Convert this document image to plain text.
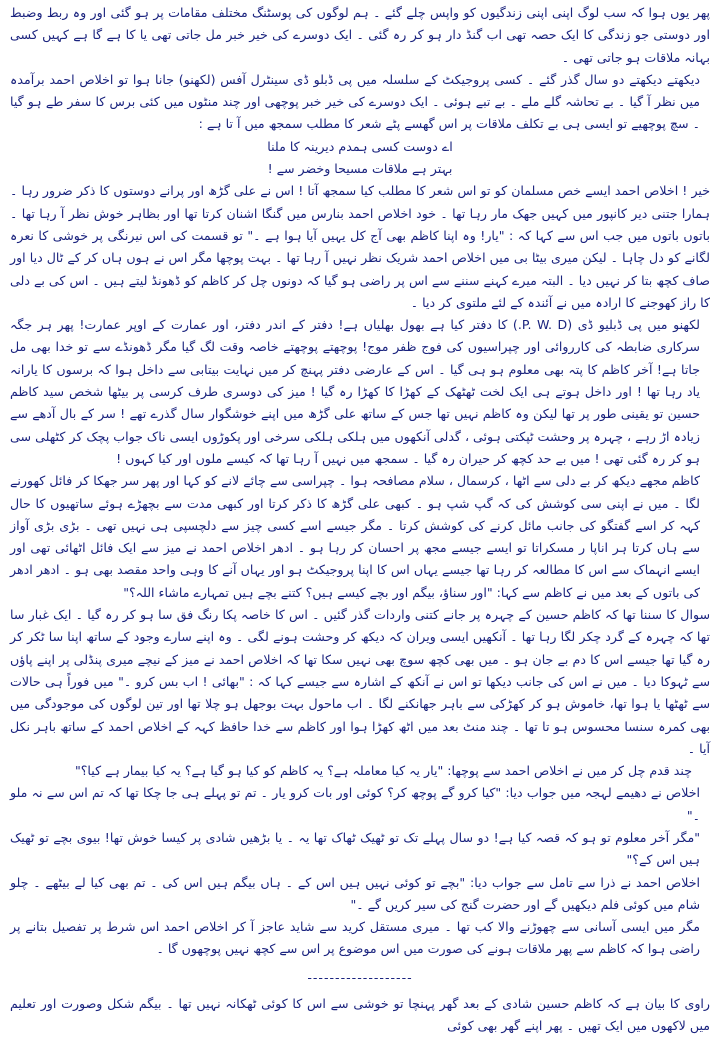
پھر یوں ہوا کہ سب لوگ اپنی اپنی زندگیوں کو واپس چلے گئے ۔ ہم لوگوں کی پوسٹنگ مختلف مقامات پر ہو گئی اور وہ ربط وضبط اور دوستی جو زندگی کا ایک حصہ تھی اب گنڈ دار ہو کر رہ گئی ۔ ایک دوسرے کی خیر خبر مل جاتی تھی یا کا ہے گا ہے کہیں کسی بہانہ ملاقات ہو جاتی تھی ۔

دیکھتے دیکھتے دو سال گذر گئے ۔ کسی پروجیکٹ کے سلسلہ میں پی ڈبلو ڈی سینٹرل آفس (لکھنو) جانا ہوا تو اخلاص احمد برآمدہ میں نظر آ گیا ۔ بے تحاشہ گلے ملے ۔ بے تبے ہوئی ۔ ایک دوسرے کی خیر خبر پوچھی اور چند منٹوں میں کئی برس کا سفر طے ہو گیا ۔ سچ پوچھیے تو ایسی ہی بے تکلف ملاقات پر اس گھسے پٹے شعر کا مطلب سمجھ میں آ تا ہے :

اے دوست کسی ہمدم دیرینہ کا ملنا

بہتر ہے ملاقات مسیحا وخضر سے !

خیر ! اخلاص احمد ایسے خص مسلمان کو تو اس شعر کا مطلب کیا سمجھ آتا ! اس نے علی گڑھ اور پرانے دوستوں کا ذکر ضرور رہا ۔ ہمارا جتنی دیر کانپور میں کہیں جھک مار رہا تھا ۔ خود اخلاص احمد بنارس میں گنگا اشنان کرتا تھا اور بظاہر خوش نظر آ رہا تھا ۔ باتوں باتوں میں جب اس سے کہا کہ : "یار! وہ اپنا کاظم بھی آج کل یہیں آیا ہوا ہے ۔" تو قسمت کی اس نیرنگی پر خوشی کا نعرہ لگانے کو دل چاہا ۔ لیکن میری بیٹا بی میں اخلاص احمد شریک نظر نہیں آ رہا تھا ۔ بہت پوچھا مگر اس نے ہوں ہاں کر کے ٹال دیا اور صاف کچھ بتا کر نہیں دیا ۔ البتہ میرے کہنے سننے سے اس پر راضی ہو گیا کہ دونوں چل کر کاظم کو ڈھونڈ لیتے ہیں ۔ اس کی بے دلی کا راز کھوجنے کا ارادہ میں نے آئندہ کے لئے ملتوی کر دیا ۔

لکھنو میں پی ڈبلیو ڈی (P. W. D.) کا دفتر کیا ہے بھول بھلیاں ہے! دفتر کے اندر دفتر، اور عمارت کے اوپر عمارت! پھر ہر جگہ سرکاری ضابطہ کی کارروائی اور چپراسیوں کی فوج ظفر موج! پوچھتے پوچھتے خاصہ وقت لگ گیا مگر ڈھونڈے سے تو خدا بھی مل جاتا ہے! آخر کاظم کا پتہ بھی معلوم ہو ہی گیا ۔ اس کے عارضی دفتر پہنچ کر میں نہایت بیتابی سے داخل ہوا کہ برسوں کا یارانہ یاد رہا تھا ! اور داخل ہوتے ہی ایک لخت ٹھٹھک کے کھڑا کا کھڑا رہ گیا ! میز کی دوسری طرف کرسی پر بیٹھا شخص سید کاظم حسین تو یقینی طور پر تھا لیکن وہ کاظم نہیں تھا جس کے ساتھ علی گڑھ میں اپنے خوشگوار سال گذرے تھے ! سر کے بال آدھے سے زیادہ اڑ رہے ، چہرہ پر وحشت ٹپکتی ہوئی ، گدلی آنکھوں میں ہلکی ہلکی سرخی اور پکوڑوں ایسی ناک جواب پچک کر کٹھلی سی ہو کر رہ گئی تھی ! میں بے حد کچھ کر حیران رہ گیا ۔ سمجھ میں نہیں آ رہا تھا کہ کیسے ملوں اور کیا کہوں !

کاظم مجھے دیکھ کر بے دلی سے اٹھا ، کرسمال ، سلام مصافحہ ہوا ۔ چپراسی سے چائے لانے کو کہا اور پھر سر جھکا کر فائل کھورنے لگا ۔ میں نے اپنی سی کوشش کی کہ گپ شپ ہو ۔ کبھی علی گڑھ کا ذکر کرتا اور کبھی مدت سے بچھڑے ہوئے ساتھیوں کا حال کہہ کر اسے گفتگو کی جانب مائل کرنے کی کوشش کرتا ۔ مگر جیسے اسے کسی چیز سے دلچسپی ہی نہیں تھی ۔ بڑی بڑی آواز سے ہاں کرتا ہر اناپا ر مسکراتا تو ایسے جیسے مجھ پر احسان کر رہا ہو ۔ ادھر اخلاص احمد نے میز سے ایک فائل اٹھائی تھی اور ایسے انہماک سے اس کا مطالعہ کر رہا تھا جیسے یہاں اس کا اپنا پروجیکٹ ہو اور یہاں آنے کا وہی واحد مقصد بھی ہو ۔ ادھر ادھر کی باتوں کے بعد میں نے کاظم سے کہا: "اور سناؤ، بیگم اور بچے کیسے ہیں؟ کتنے بچے ہیں تمہارے ماشاء اللہ؟"

سوال کا سننا تھا کہ کاظم حسین کے چہرہ پر جانے کتنی واردات گذر گئیں ۔ اس کا خاصہ پکا رنگ فق سا ہو کر رہ گیا ۔ ایک غبار سا تھا کہ چہرہ کے گرد چکر لگا رہا تھا ۔ آنکھیں ایسی ویران کہ دیکھ کر وحشت ہونے لگی ۔ وہ اپنے سارے وجود کے ساتھ اپنا سا ٹکر کر رہ گیا تھا جیسے اس کا دم بے جان ہو ۔ میں بھی کچھ سوچ بھی نہیں سکا تھا کہ اخلاص احمد نے میز کے نیچے میری پنڈلی پر اپنے پاؤں سے ٹہوکا دیا ۔ میں نے اس کی جانب دیکھا تو اس نے آنکھ کے اشارہ سے جیسے کہا کہ : "بھائی ! اب بس کرو ۔" میں فوراً ہی حالات سے ٹھٹھا یا ہوا تھا، خاموش ہو کر کھڑکی سے باہر جھانکنے لگا ۔ اب ماحول بہت بوجھل ہو چلا تھا اور تین لوگوں کی موجودگی میں بھی کمرہ سنسا محسوس ہو تا تھا ۔ چند منٹ بعد میں اٹھ کھڑا ہوا اور کاظم سے خدا حافظ کہہ کے اخلاص احمد کے ساتھ باہر نکل آیا ۔

چند قدم چل کر میں نے اخلاص احمد سے پوچھا: "یار یہ کیا معاملہ ہے؟ یہ کاظم کو کیا ہو گیا ہے؟ یہ کیا بیمار ہے کیا؟"

اخلاص نے دھیمے لہجہ میں جواب دیا: "کیا کرو گے پوچھ کر؟ کوئی اور بات کرو یار ۔ تم تو پہلے ہی جا چکا تھا کہ تم اس سے نہ ملو ۔"

"مگر آخر معلوم تو ہو کہ قصہ کیا ہے! دو سال پہلے تک تو ٹھیک ٹھاک تھا یہ ۔ یا بڑھیں شادی پر کیسا خوش تھا! بیوی بچے تو ٹھیک ہیں اس کے؟"

اخلاص احمد نے ذرا سے تامل سے جواب دیا: "بچے تو کوئی نہیں ہیں اس کے ۔ ہاں بیگم ہیں اس کی ۔ تم بھی کیا لے بیٹھے ۔ چلو شام میں کوئی فلم دیکھیں گے اور حضرت گنج کی سیر کریں گے ۔"

مگر میں ایسی آسانی سے چھوڑنے والا کب تھا ۔ میری مستقل کرید سے شاید عاجز آ کر اخلاص احمد اس شرط پر تفصیل بتانے پر راضی ہوا کہ کاظم سے پھر ملاقات ہونے کی صورت میں اس موضوع پر اس سے کچھ نہیں پوچھوں گا ۔

-------------------

راوی کا بیان ہے کہ کاظم حسین شادی کے بعد گھر پہنچا تو خوشی سے اس کا کوئی ٹھکانہ نہیں تھا ۔ بیگم شکل وصورت اور تعلیم میں لاکھوں میں ایک تھیں ۔ پھر اپنے گھر بھی کوئی
